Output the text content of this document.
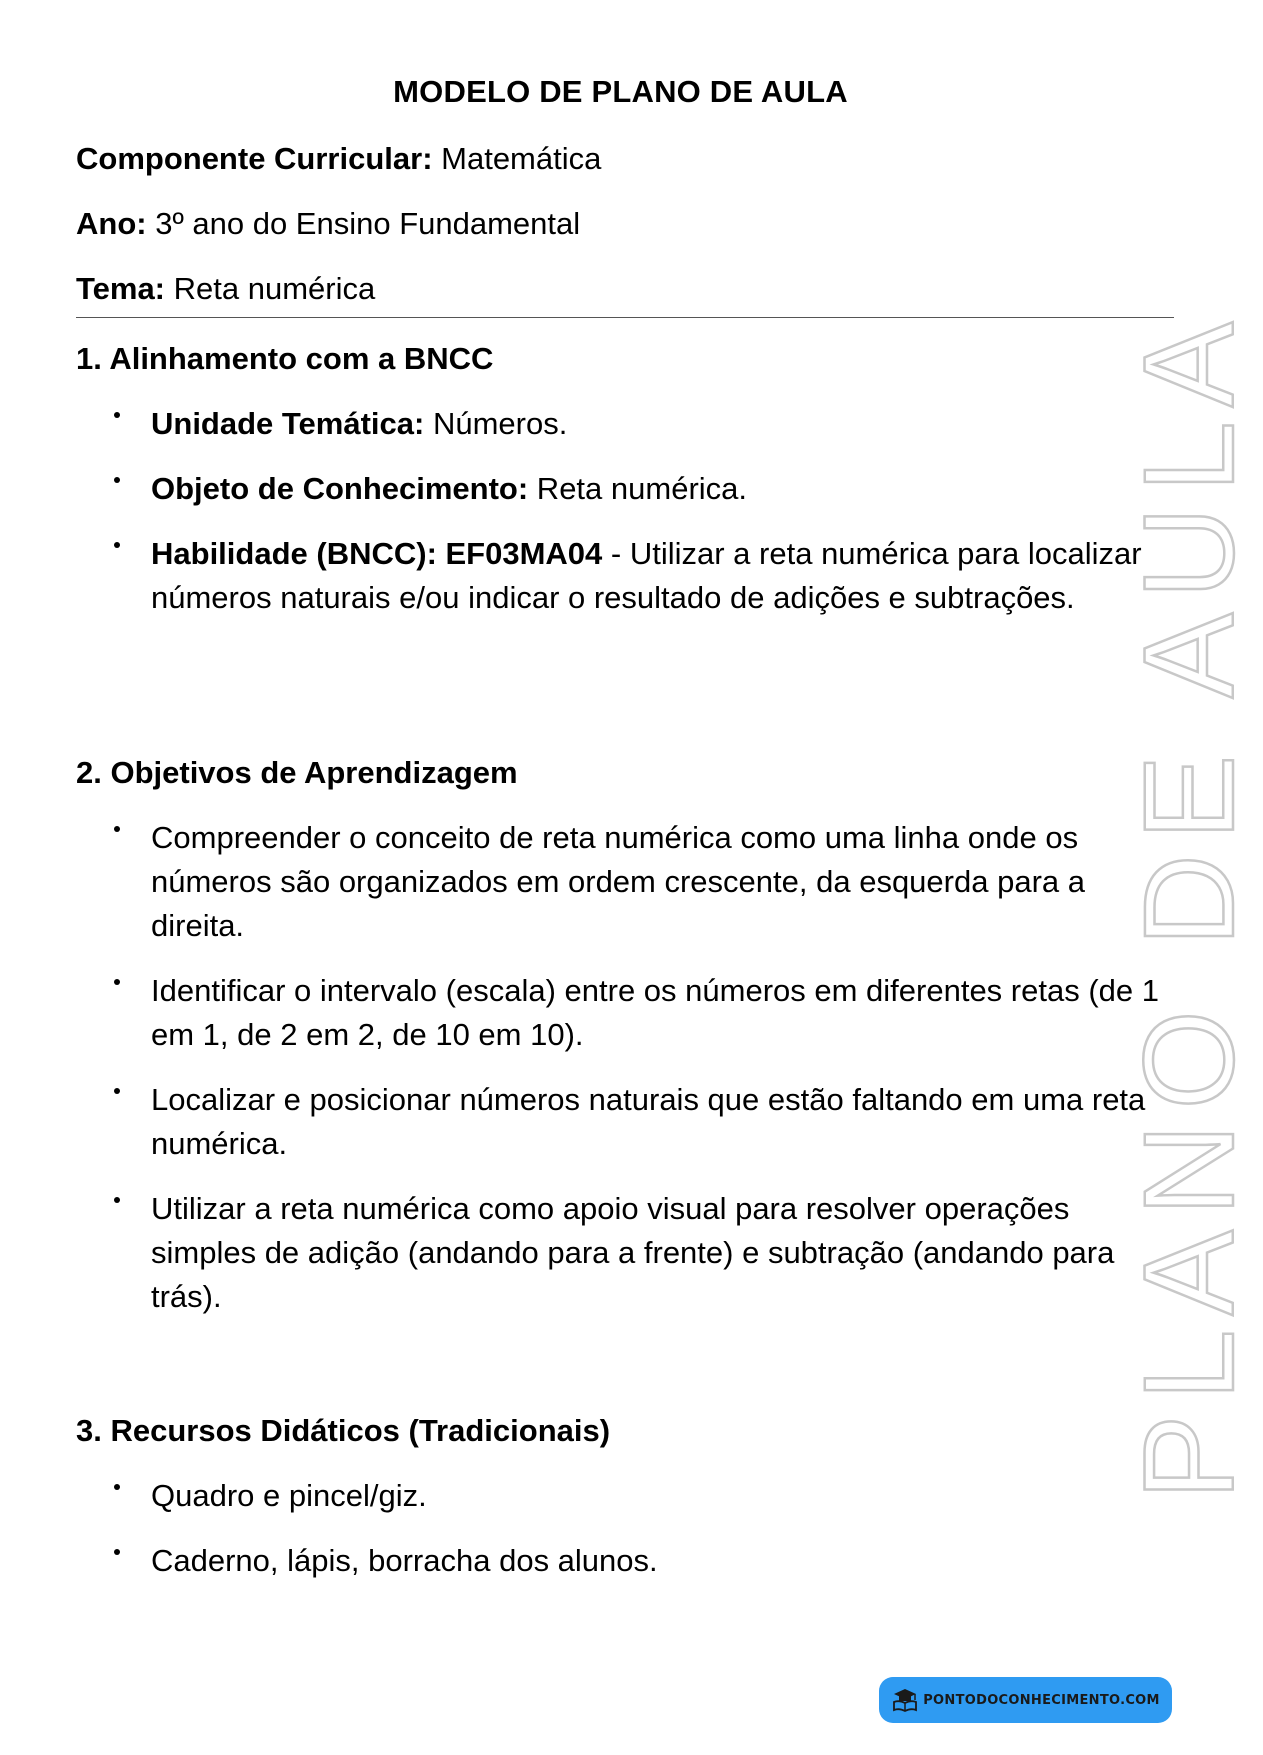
PLANO DE AULA
MODELO DE PLANO DE AULA
Componente Curricular: Matemática
Ano: 3º ano do Ensino Fundamental
Tema: Reta numérica
1. Alinhamento com a BNCC
Unidade Temática: Números.
Objeto de Conhecimento: Reta numérica.
Habilidade (BNCC): EF03MA04 - Utilizar a reta numérica para localizar números naturais e/ou indicar o resultado de adições e subtrações.
2. Objetivos de Aprendizagem
Compreender o conceito de reta numérica como uma linha onde os números são organizados em ordem crescente, da esquerda para a direita.
Identificar o intervalo (escala) entre os números em diferentes retas (de 1 em 1, de 2 em 2, de 10 em 10).
Localizar e posicionar números naturais que estão faltando em uma reta numérica.
Utilizar a reta numérica como apoio visual para resolver operações simples de adição (andando para a frente) e subtração (andando para trás).
3. Recursos Didáticos (Tradicionais)
Quadro e pincel/giz.
Caderno, lápis, borracha dos alunos.
PONTODOCONHECIMENTO.COM
